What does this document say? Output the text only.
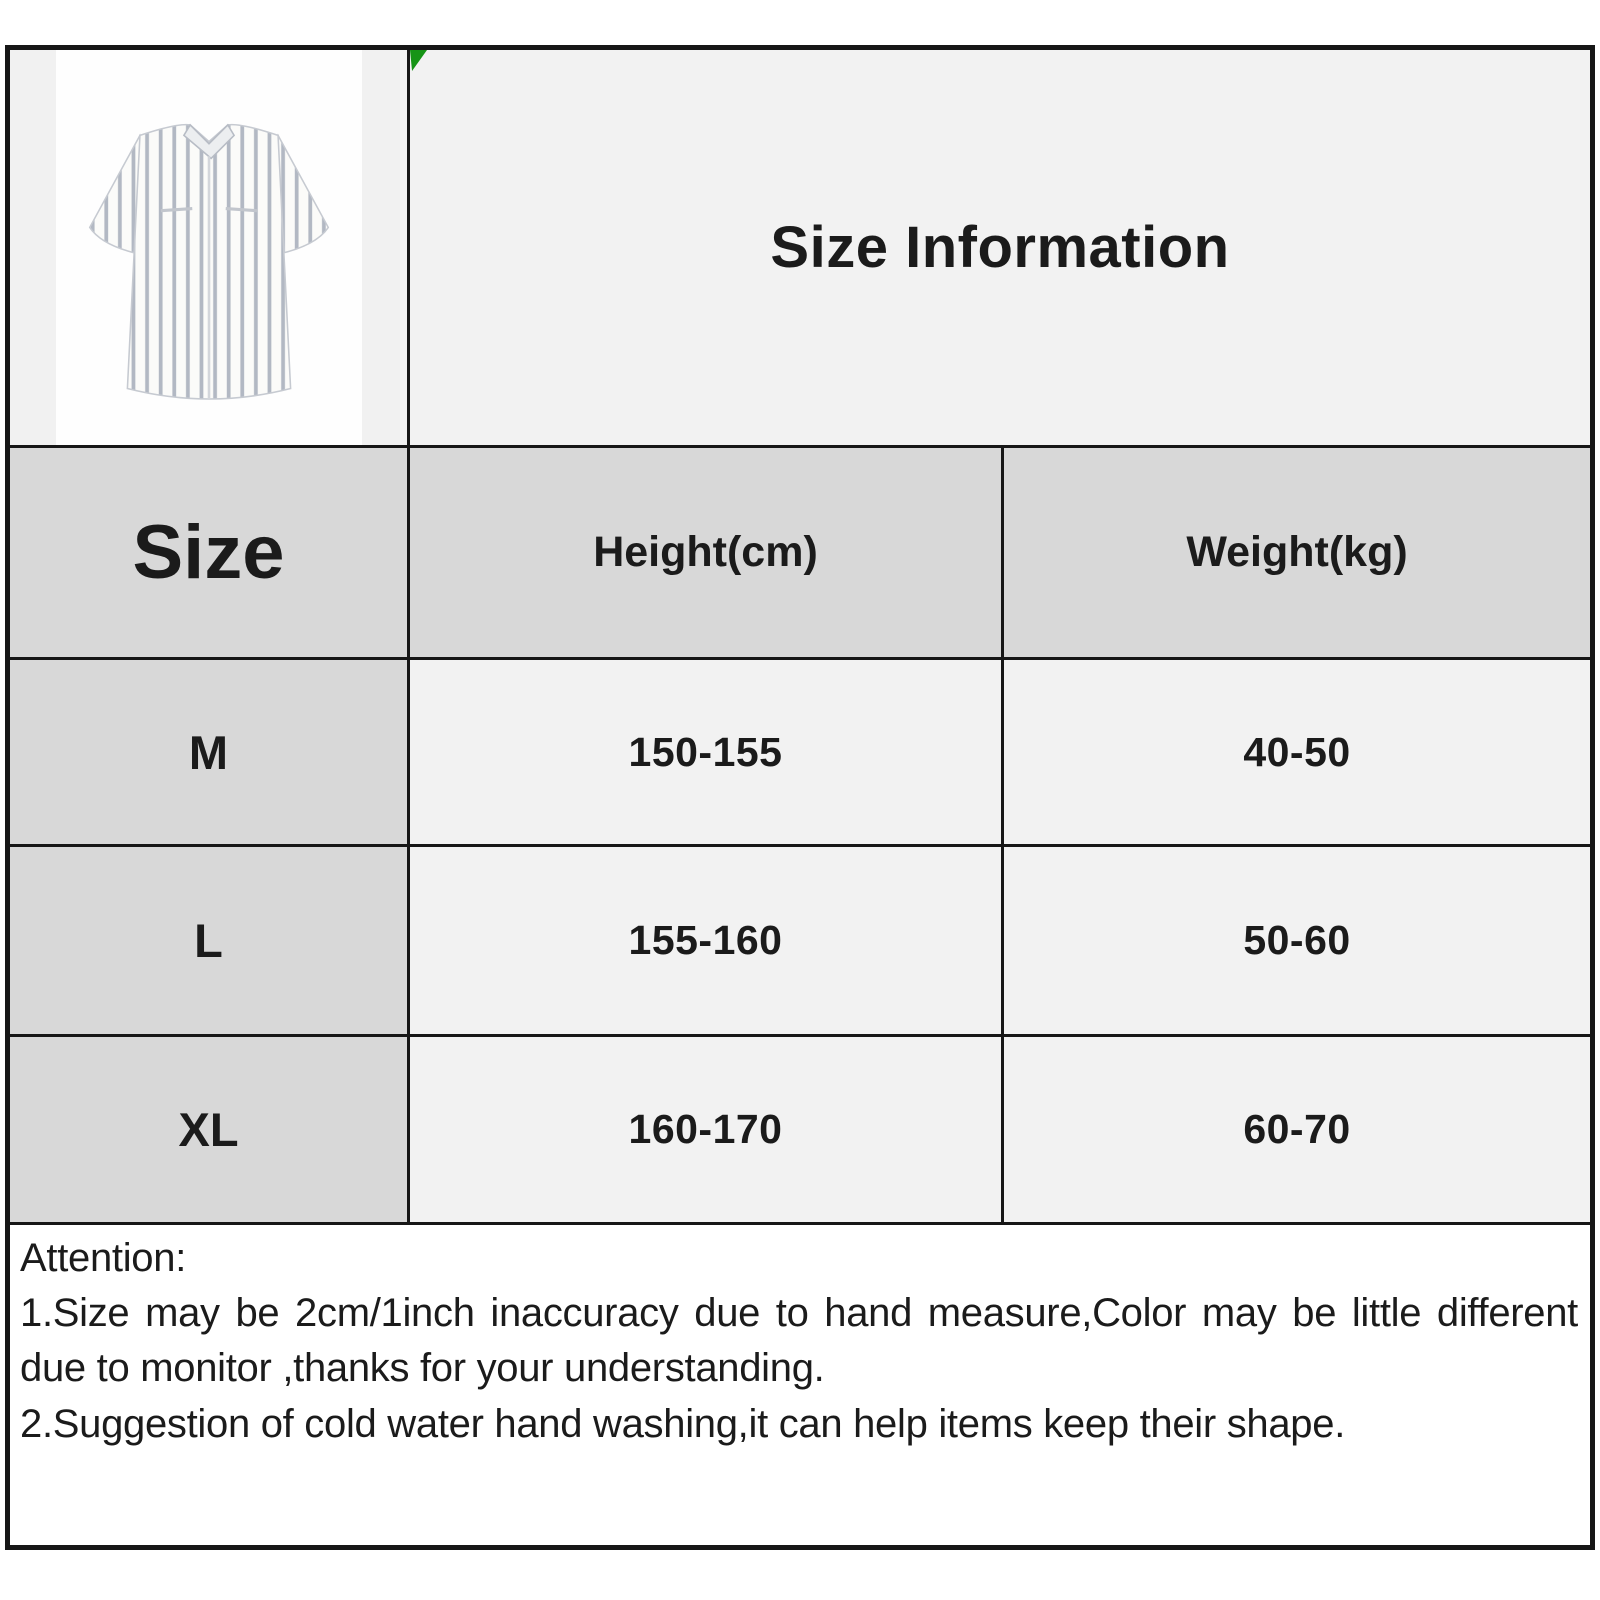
Size Information
Size	Height(cm)	Weight(kg)
M	150-155	40-50
L	155-160	50-60
XL	160-170	60-70
Attention:

1.Size may be 2cm/1inch inaccuracy due to hand measure,Color may be little different due to monitor ,thanks for your understanding.

2.Suggestion of cold water hand washing,it can help items keep their shape.
